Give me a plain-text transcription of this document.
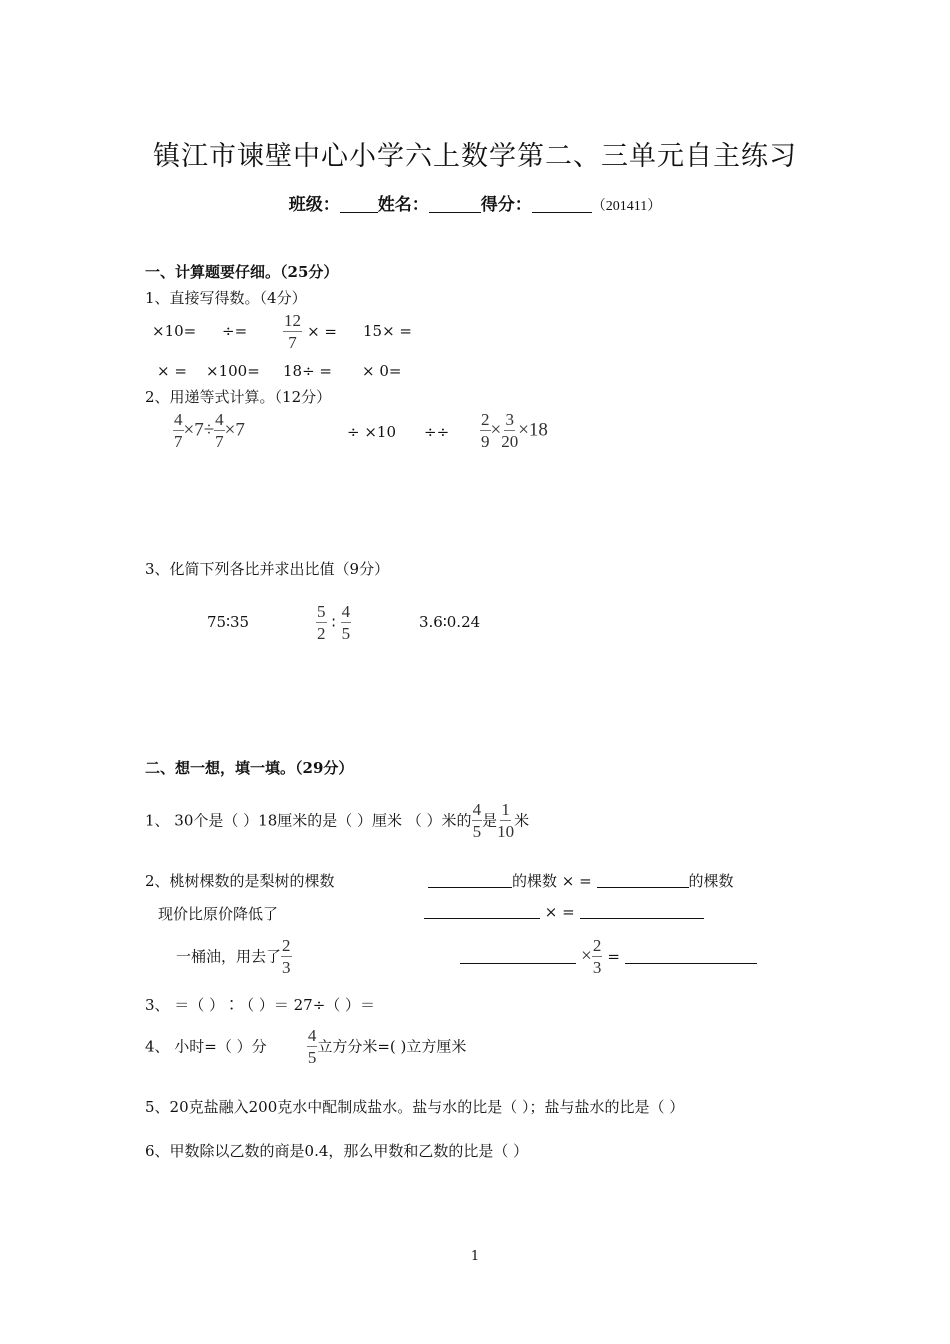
镇江市谏壁中心小学六上数学第二、三单元自主练习
班级： 姓名：	得分：	（201411）
一、计算题要仔细。（25分）
1、直接写得数。（4分）
$\times 10= \div= \frac{12}{7}$ × = 15× =
× = ×100= 18÷ = × 0=
2、用递等式计算。（12分）
$\frac{4}{7} \times 7\div \frac{4}{7} \times 7$	÷ $\times 10 \div\div \frac{2}{9} \times \frac{3}{20} \times 18$
3、化简下列各比并求出比值（9分）
75∶35	$\frac{5}{2}$ ∶ $\frac{4}{5}$	3.6∶0.24
二、想一想，填一填。（29分）
1、 30个是（ ）18厘米的是（ ）厘米 （ ）米的 $\frac{4}{5}$ 是 $\frac{1}{10}$ 米
2、桃树棵数的是梨树的棵数	的棵数 × =	的棵数
现价比原价降低了	× =
一桶油，用去了 $\frac{2}{3}$	× $\frac{2}{3}$ =
3、 ＝（ ）∶（ ）＝ 27÷（ ）＝
4、 小时=（ ）分 $\frac{4}{5}$ 立方分米=( )立方厘米
5、20克盐融入200克水中配制成盐水。盐与水的比是（ ）；盐与盐水的比是（ ）
6、甲数除以乙数的商是0.4，那么甲数和乙数的比是（ ）
1
